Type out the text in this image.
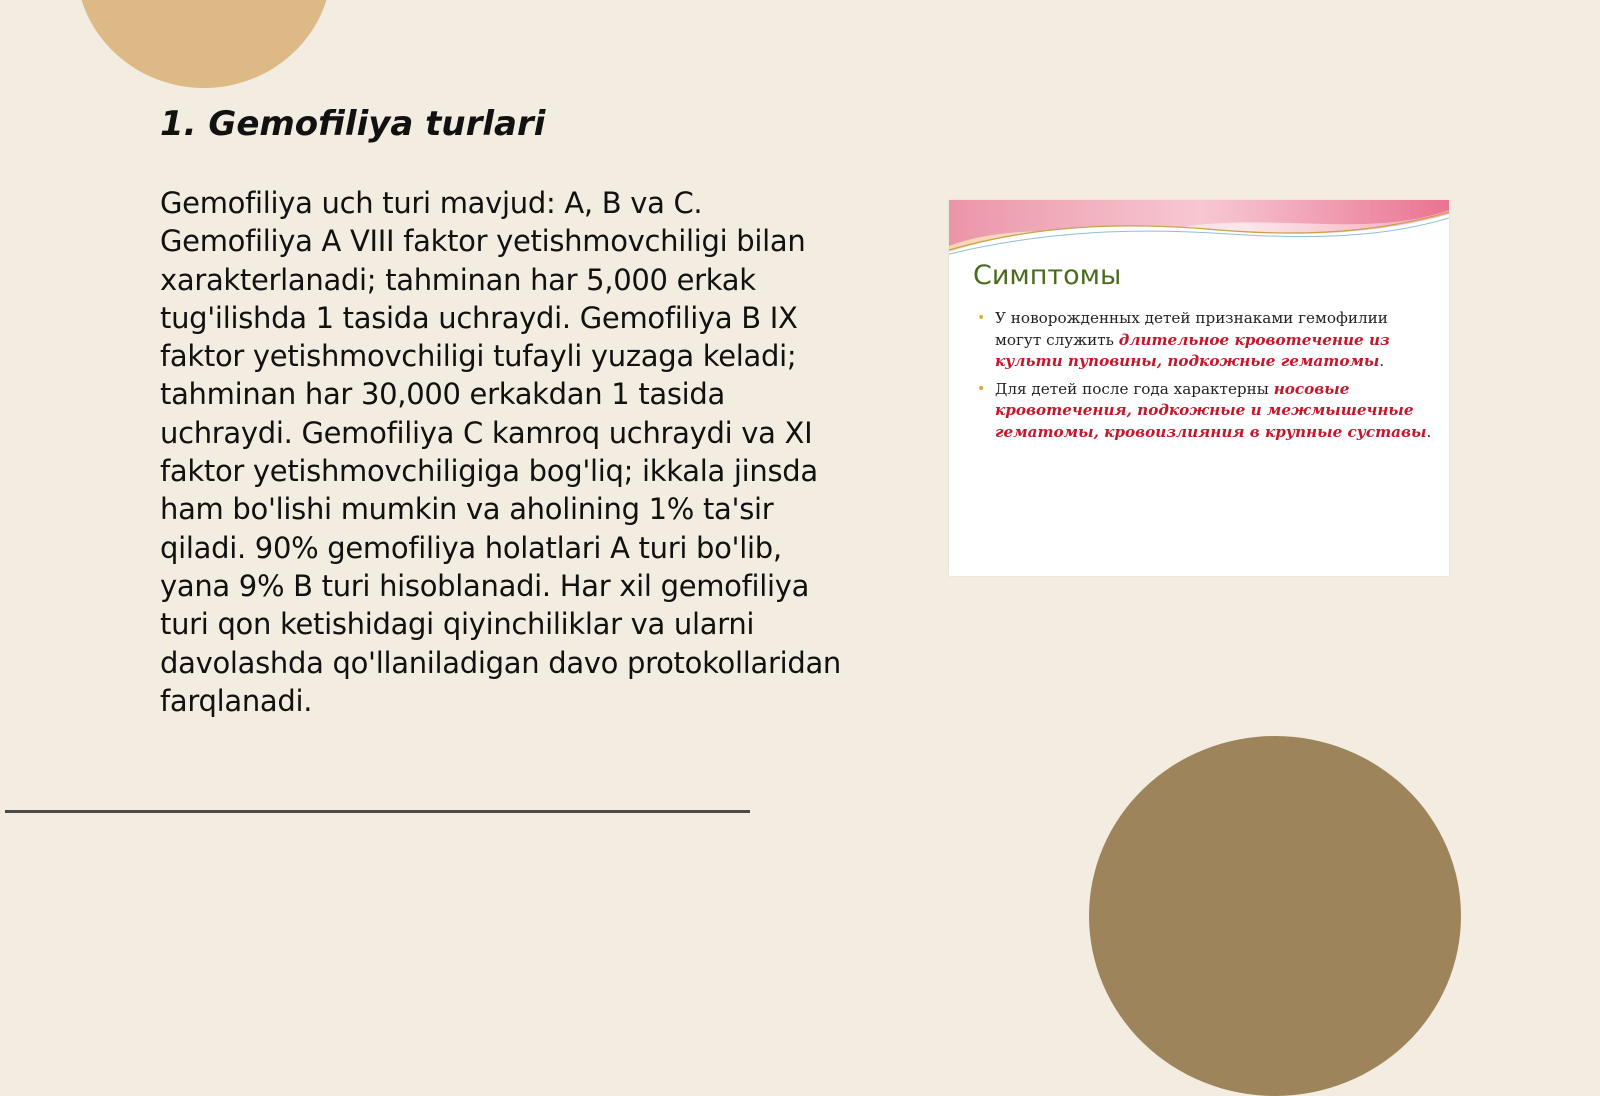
1. Gemofiliya turlari

Gemofiliya uch turi mavjud: A, B va C. Gemofiliya A VIII faktor yetishmovchiligi bilan xarakterlanadi; tahminan har 5,000 erkak tug'ilishda 1 tasida uchraydi. Gemofiliya B IX faktor yetishmovchiligi tufayli yuzaga keladi; tahminan har 30,000 erkakdan 1 tasida uchraydi. Gemofiliya C kamroq uchraydi va XI faktor yetishmovchiligiga bog'liq; ikkala jinsda ham bo'lishi mumkin va aholining 1% ta'sir qiladi. 90% gemofiliya holatlari A turi bo'lib, yana 9% B turi hisoblanadi. Har xil gemofiliya turi qon ketishidagi qiyinchiliklar va ularni davolashda qo'llaniladigan davo protokollaridan farqlanadi.

Симптомы
• У новорожденных детей признаками гемофилии могут служить длительное кровотечение из культи пуповины, подкожные гематомы.
• Для детей после года характерны носовые кровотечения, подкожные и межмышечные гематомы, кровоизлияния в крупные суставы.
